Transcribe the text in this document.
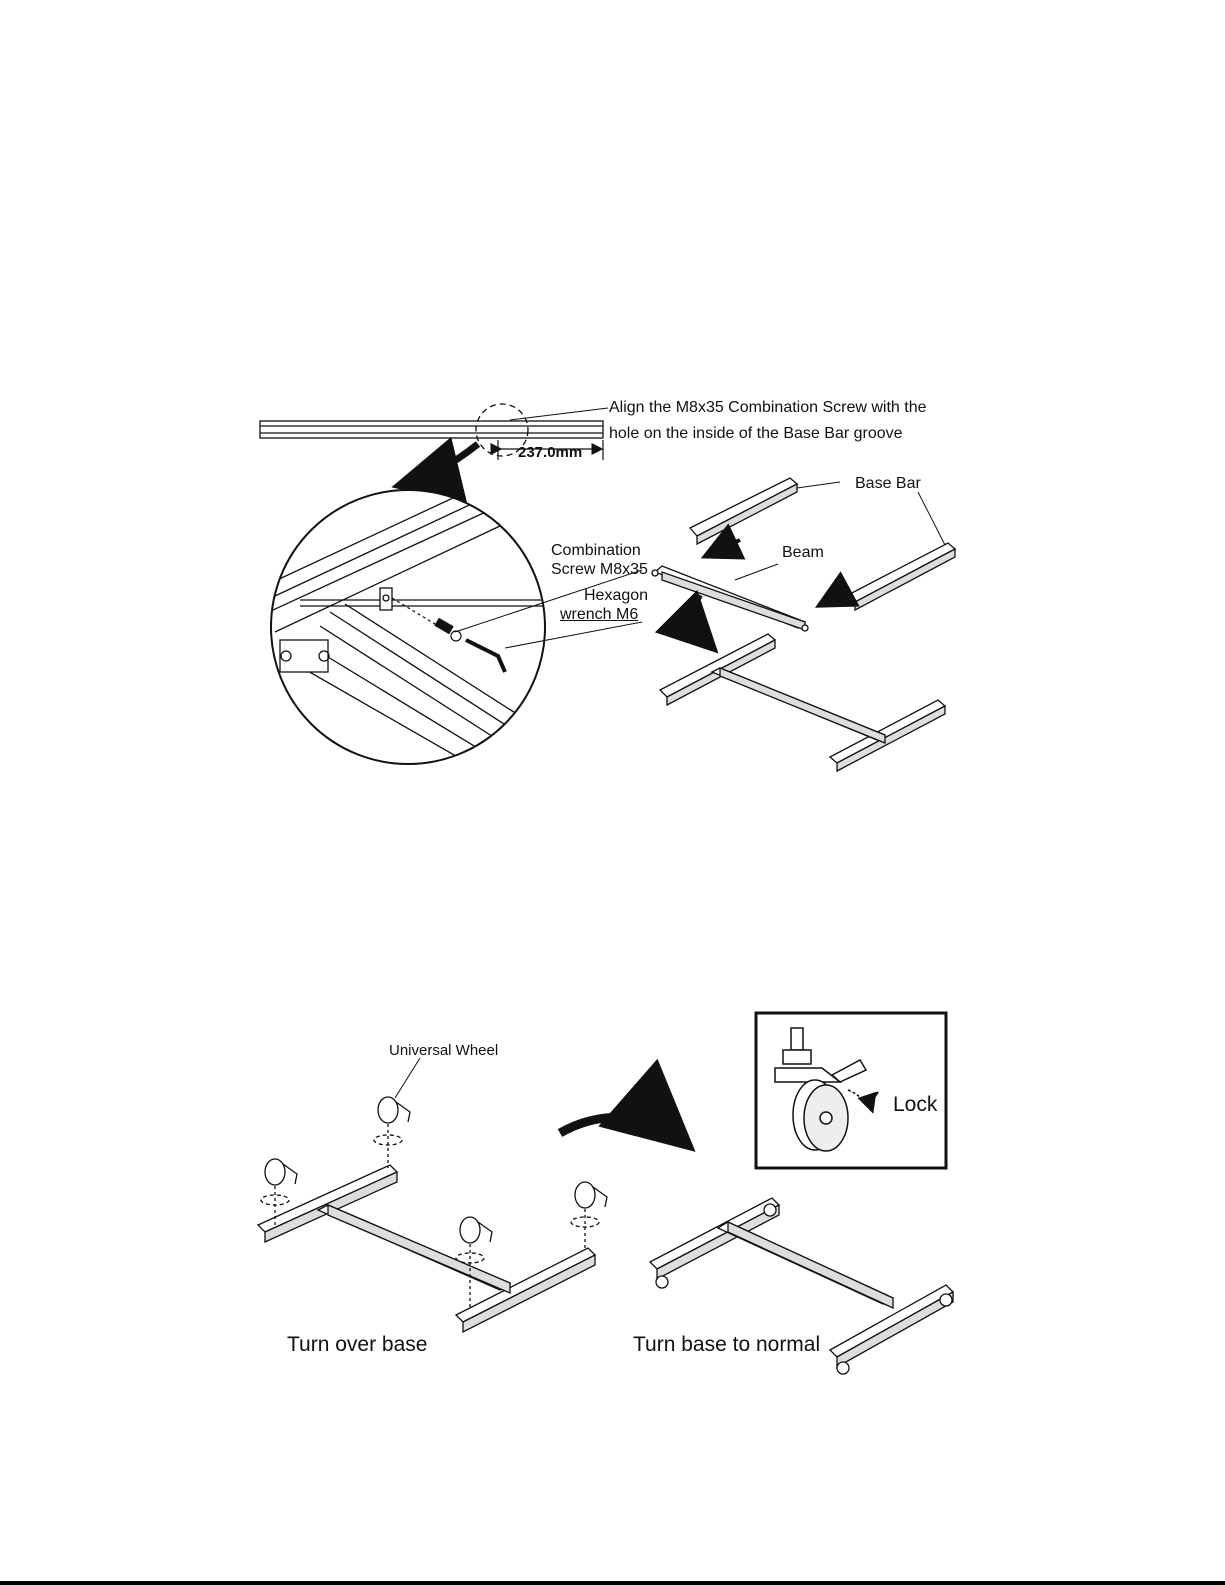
Align the M8x35 Combination Screw with the
hole on the inside of the Base Bar groove
237.0mm
Combination
Screw M8x35
Hexagon
wrench M6
Base Bar
Beam
Universal Wheel
Lock
Turn over base	Turn base to normal
